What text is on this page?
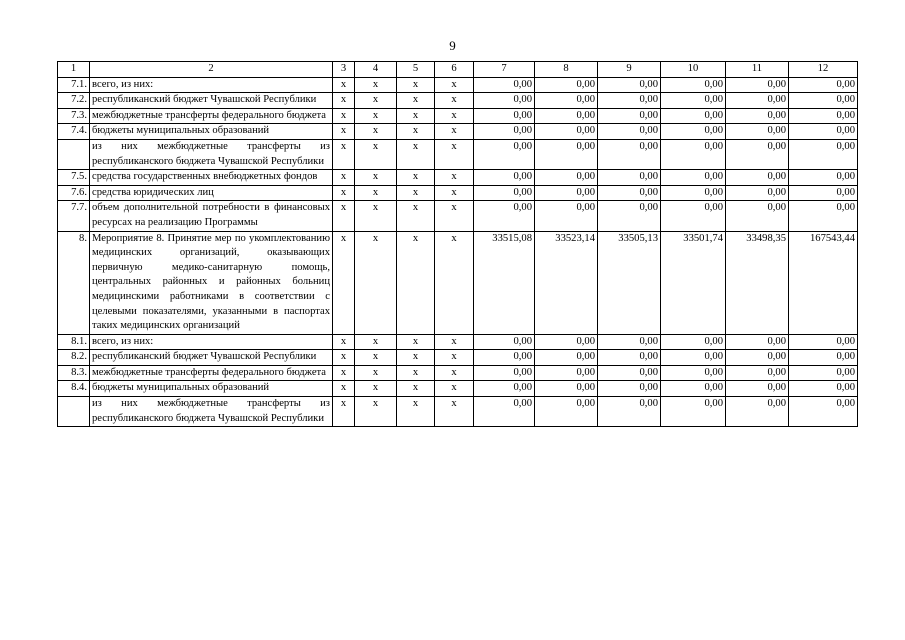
9
1	2	3	4	5	6	7	8	9	10	11	12
7.1.	всего, из них:	x	x	x	x	0,00	0,00	0,00	0,00	0,00	0,00
7.2.	республиканский бюджет Чувашской Республики	x	x	x	x	0,00	0,00	0,00	0,00	0,00	0,00
7.3.	межбюджетные трансферты федерального бюджета	x	x	x	x	0,00	0,00	0,00	0,00	0,00	0,00
7.4.	бюджеты муниципальных образований	x	x	x	x	0,00	0,00	0,00	0,00	0,00	0,00
	из них межбюджетные трансферты из республиканского бюджета Чувашской Республики	x	x	x	x	0,00	0,00	0,00	0,00	0,00	0,00
7.5.	средства государственных внебюджетных фондов	x	x	x	x	0,00	0,00	0,00	0,00	0,00	0,00
7.6.	средства юридических лиц	x	x	x	x	0,00	0,00	0,00	0,00	0,00	0,00
7.7.	объем дополнительной потребности в финансовых ресурсах на реализацию Программы	x	x	x	x	0,00	0,00	0,00	0,00	0,00	0,00
8.	Мероприятие 8. Принятие мер по укомплектованию медицинских организаций, оказывающих первичную медико-санитарную помощь, центральных районных и районных больниц медицинскими работниками в соответствии с целевыми показателями, указанными в паспортах таких медицинских организаций	x	x	x	x	33515,08	33523,14	33505,13	33501,74	33498,35	167543,44
8.1.	всего, из них:	x	x	x	x	0,00	0,00	0,00	0,00	0,00	0,00
8.2.	республиканский бюджет Чувашской Республики	x	x	x	x	0,00	0,00	0,00	0,00	0,00	0,00
8.3.	межбюджетные трансферты федерального бюджета	x	x	x	x	0,00	0,00	0,00	0,00	0,00	0,00
8.4.	бюджеты муниципальных образований	x	x	x	x	0,00	0,00	0,00	0,00	0,00	0,00
	из них межбюджетные трансферты из республиканского бюджета Чувашской Республики	x	x	x	x	0,00	0,00	0,00	0,00	0,00	0,00
